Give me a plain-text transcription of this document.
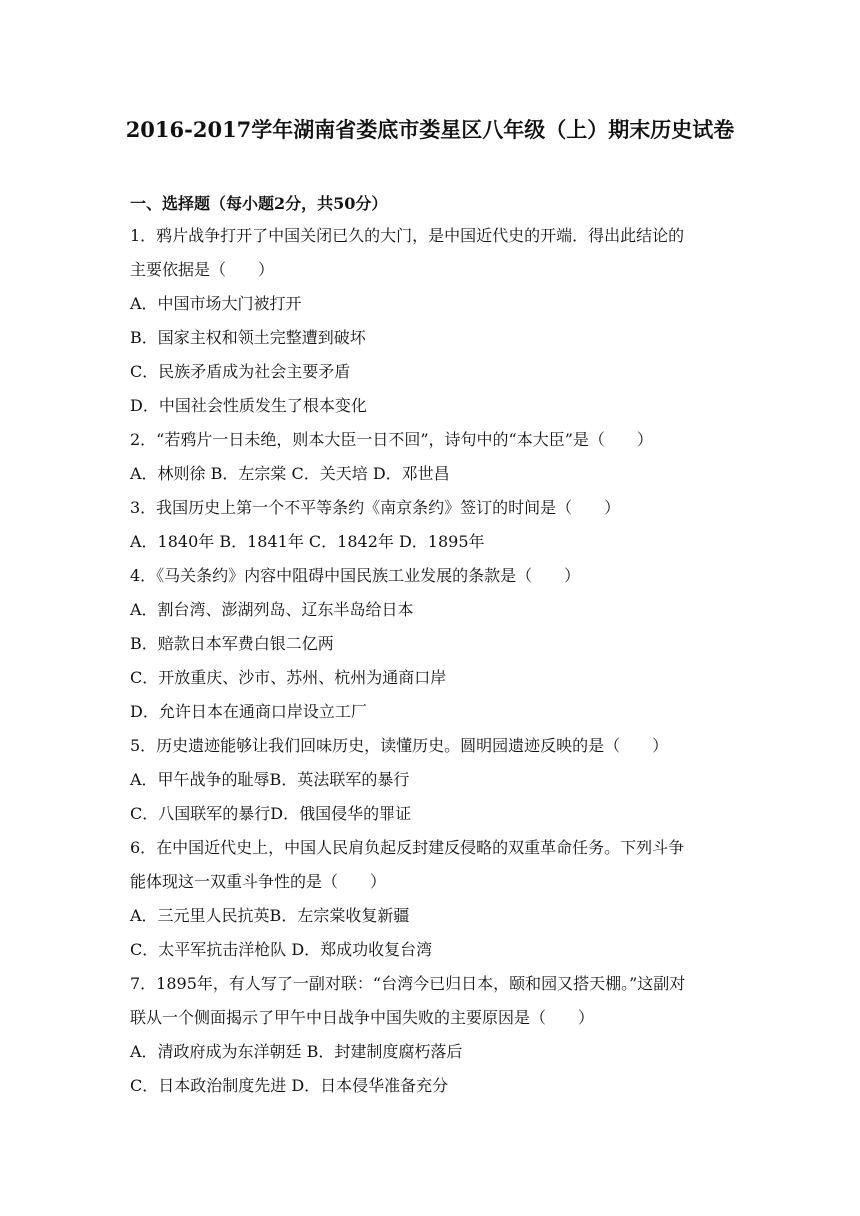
2016-2017学年湖南省娄底市娄星区八年级（上）期末历史试卷
一、选择题（每小题2分，共50分）
1．鸦片战争打开了中国关闭已久的大门，是中国近代史的开端．得出此结论的
主要依据是（　　）
A．中国市场大门被打开
B．国家主权和领土完整遭到破坏
C．民族矛盾成为社会主要矛盾
D．中国社会性质发生了根本变化
2．“若鸦片一日未绝，则本大臣一日不回”，诗句中的“本大臣”是（　　）
A．林则徐 B．左宗棠 C．关天培 D．邓世昌
3．我国历史上第一个不平等条约《南京条约》签订的时间是（　　）
A．1840年 B．1841年 C．1842年 D．1895年
4．《马关条约》内容中阻碍中国民族工业发展的条款是（　　）
A．割台湾、澎湖列岛、辽东半岛给日本
B．赔款日本军费白银二亿两
C．开放重庆、沙市、苏州、杭州为通商口岸
D．允许日本在通商口岸设立工厂
5．历史遗迹能够让我们回味历史，读懂历史。圆明园遗迹反映的是（　　）
A．甲午战争的耻辱B．英法联军的暴行
C．八国联军的暴行D．俄国侵华的罪证
6．在中国近代史上，中国人民肩负起反封建反侵略的双重革命任务。下列斗争
能体现这一双重斗争性的是（　　）
A．三元里人民抗英B．左宗棠收复新疆
C．太平军抗击洋枪队 D．郑成功收复台湾
7．1895年，有人写了一副对联：“台湾今已归日本，颐和园又搭天棚。”这副对
联从一个侧面揭示了甲午中日战争中国失败的主要原因是（　　）
A．清政府成为东洋朝廷 B．封建制度腐朽落后
C．日本政治制度先进 D．日本侵华准备充分
